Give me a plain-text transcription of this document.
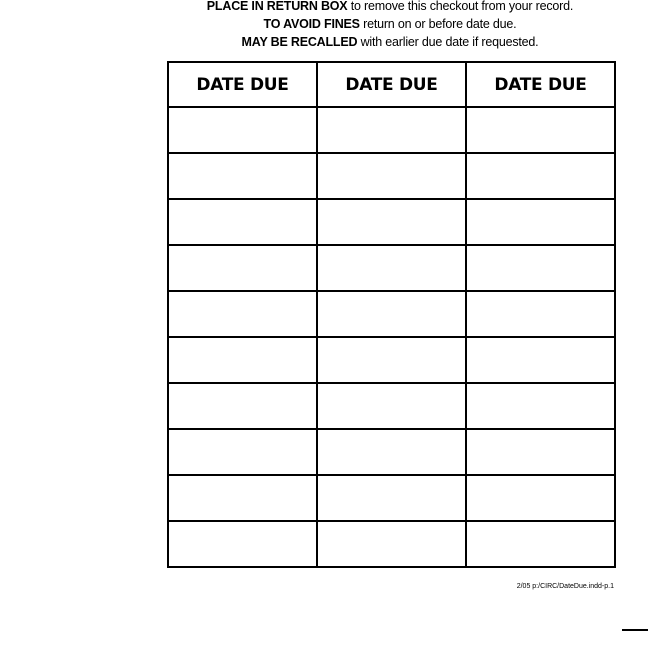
PLACE IN RETURN BOX to remove this checkout from your record.
TO AVOID FINES return on or before date due.
MAY BE RECALLED with earlier due date if requested.
DATE DUE	DATE DUE	DATE DUE

2/05 p:/CIRC/DateDue.indd-p.1
